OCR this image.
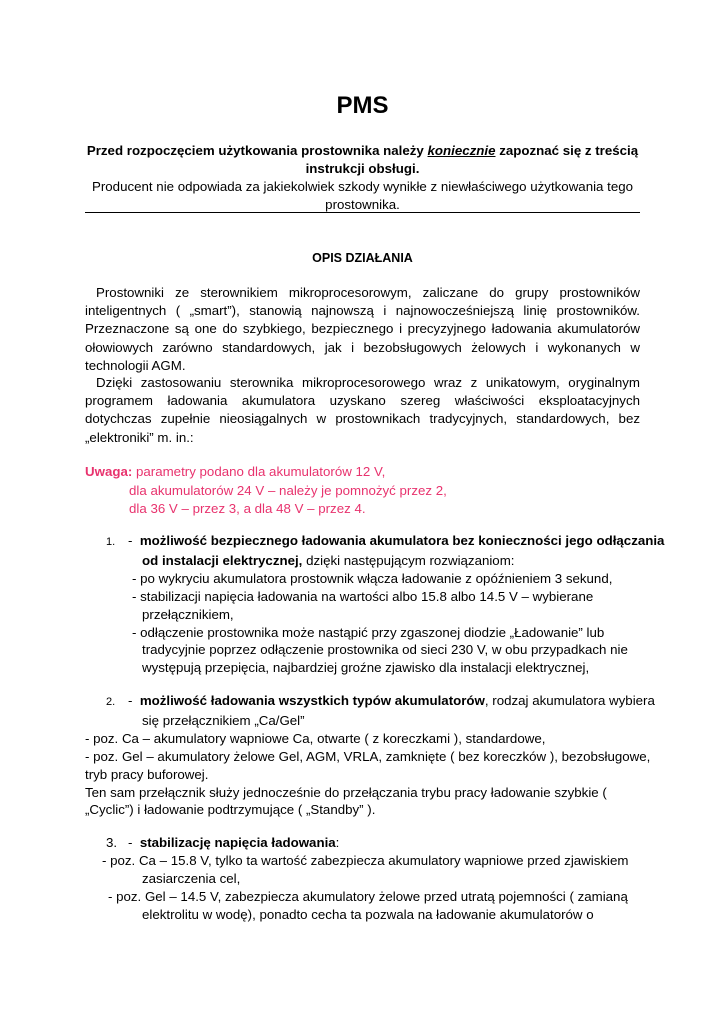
PMS
Przed rozpoczęciem użytkowania prostownika należy koniecznie zapoznać się z treścią
instrukcji obsługi.
Producent nie odpowiada za jakiekolwiek szkody wynikłe z niewłaściwego użytkowania tego
prostownika.
OPIS DZIAŁANIA
Prostowniki ze sterownikiem mikroprocesorowym, zaliczane do grupy prostowników
inteligentnych ( „smart”), stanowią najnowszą i najnowocześniejszą linię prostowników.
Przeznaczone są one do szybkiego, bezpiecznego i precyzyjnego ładowania akumulatorów
ołowiowych zarówno standardowych, jak i bezobsługowych żelowych i wykonanych w
technologii AGM.
Dzięki zastosowaniu sterownika mikroprocesorowego wraz z unikatowym, oryginalnym
programem ładowania akumulatora uzyskano szereg właściwości eksploatacyjnych
dotychczas zupełnie nieosiągalnych w prostownikach tradycyjnych, standardowych, bez
„elektroniki” m. in.:
Uwaga: parametry podano dla akumulatorów 12 V,
dla akumulatorów 24 V – należy je pomnożyć przez 2,
dla 36 V – przez 3, a dla 48 V – przez 4.
1. - możliwość bezpiecznego ładowania akumulatora bez konieczności jego odłączania
od instalacji elektrycznej, dzięki następującym rozwiązaniom:
- po wykryciu akumulatora prostownik włącza ładowanie z opóźnieniem 3 sekund,
- stabilizacji napięcia ładowania na wartości albo 15.8 albo 14.5 V – wybierane
przełącznikiem,
- odłączenie prostownika może nastąpić przy zgaszonej diodzie „Ładowanie” lub
tradycyjnie poprzez odłączenie prostownika od sieci 230 V, w obu przypadkach nie
występują przepięcia, najbardziej groźne zjawisko dla instalacji elektrycznej,
2. - możliwość ładowania wszystkich typów akumulatorów, rodzaj akumulatora wybiera
się przełącznikiem „Ca/Gel”
- poz. Ca – akumulatory wapniowe Ca, otwarte ( z koreczkami ), standardowe,
- poz. Gel – akumulatory żelowe Gel, AGM, VRLA, zamknięte ( bez koreczków ), bezobsługowe,
tryb pracy buforowej.
Ten sam przełącznik służy jednocześnie do przełączania trybu pracy ładowanie szybkie (
„Cyclic”) i ładowanie podtrzymujące ( „Standby” ).
3. - stabilizację napięcia ładowania:
- poz. Ca – 15.8 V, tylko ta wartość zabezpiecza akumulatory wapniowe przed zjawiskiem
zasiarczenia cel,
- poz. Gel – 14.5 V, zabezpiecza akumulatory żelowe przed utratą pojemności ( zamianą
elektrolitu w wodę), ponadto cecha ta pozwala na ładowanie akumulatorów o
